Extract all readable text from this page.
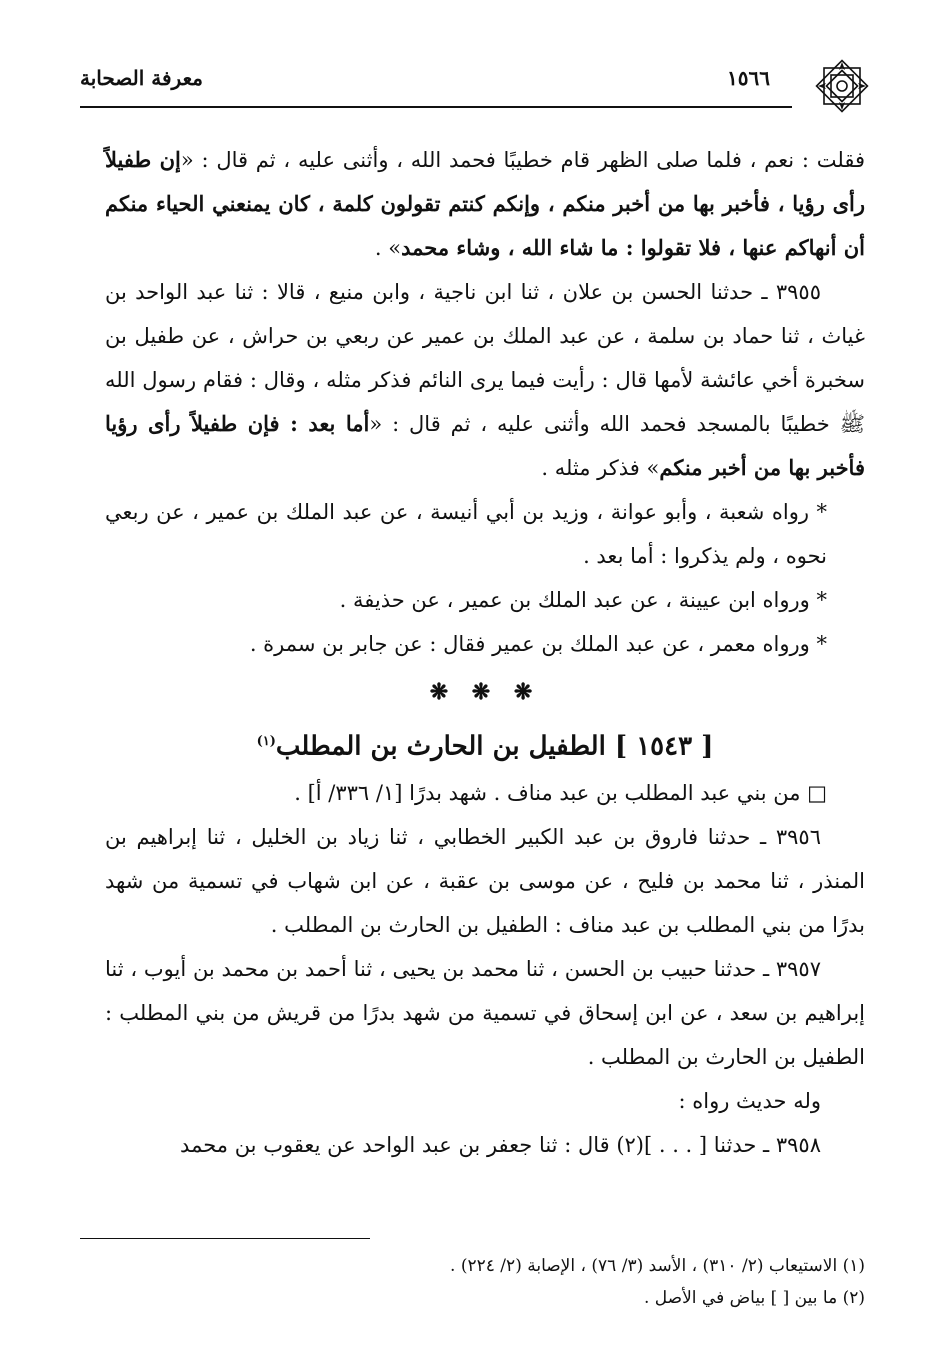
١٥٦٦
معرفة الصحابة

فقلت : نعم ، فلما صلى الظهر قام خطيبًا فحمد الله ، وأثنى عليه ، ثم قال : «إن طفيلاً رأى رؤيا ، فأخبر بها من أخبر منكم ، وإنكم كنتم تقولون كلمة ، كان يمنعني الحياء منكم أن أنهاكم عنها ، فلا تقولوا : ما شاء الله ، وشاء محمد» .

٣٩٥٥ ـ حدثنا الحسن بن علان ، ثنا ابن ناجية ، وابن منيع ، قالا : ثنا عبد الواحد بن غياث ، ثنا حماد بن سلمة ، عن عبد الملك بن عمير عن ربعي بن حراش ، عن طفيل بن سخبرة أخي عائشة لأمها قال : رأيت فيما يرى النائم فذكر مثله ، وقال : فقام رسول الله ﷺ خطيبًا بالمسجد فحمد الله وأثنى عليه ، ثم قال : «أما بعد : فإن طفيلاً رأى رؤيا فأخبر بها من أخبر منكم» فذكر مثله .

* رواه شعبة ، وأبو عوانة ، وزيد بن أبي أنيسة ، عن عبد الملك بن عمير ، عن ربعي نحوه ، ولم يذكروا : أما بعد .

* ورواه ابن عيينة ، عن عبد الملك بن عمير ، عن حذيفة .

* ورواه معمر ، عن عبد الملك بن عمير فقال : عن جابر بن سمرة .

❋ ❋ ❋
[ ١٥٤٣ ] الطفيل بن الحارث بن المطلب$^{(١)}$

□ من بني عبد المطلب بن عبد مناف . شهد بدرًا [١/ ٣٣٦/ أ] .

٣٩٥٦ ـ حدثنا فاروق بن عبد الكبير الخطابي ، ثنا زياد بن الخليل ، ثنا إبراهيم بن المنذر ، ثنا محمد بن فليح ، عن موسى بن عقبة ، عن ابن شهاب في تسمية من شهد بدرًا من بني المطلب بن عبد مناف : الطفيل بن الحارث بن المطلب .

٣٩٥٧ ـ حدثنا حبيب بن الحسن ، ثنا محمد بن يحيى ، ثنا أحمد بن محمد بن أيوب ، ثنا إبراهيم بن سعد ، عن ابن إسحاق في تسمية من شهد بدرًا من قريش من بني المطلب : الطفيل بن الحارث بن المطلب .

وله حديث رواه :

٣٩٥٨ ـ حدثنا [ . . . ](٢) قال : ثنا جعفر بن عبد الواحد عن يعقوب بن محمد

(١) الاستيعاب (٢/ ٣١٠) ، الأسد (٣/ ٧٦) ، الإصابة (٢/ ٢٢٤) .

(٢) ما بين [ ] بياض في الأصل .
